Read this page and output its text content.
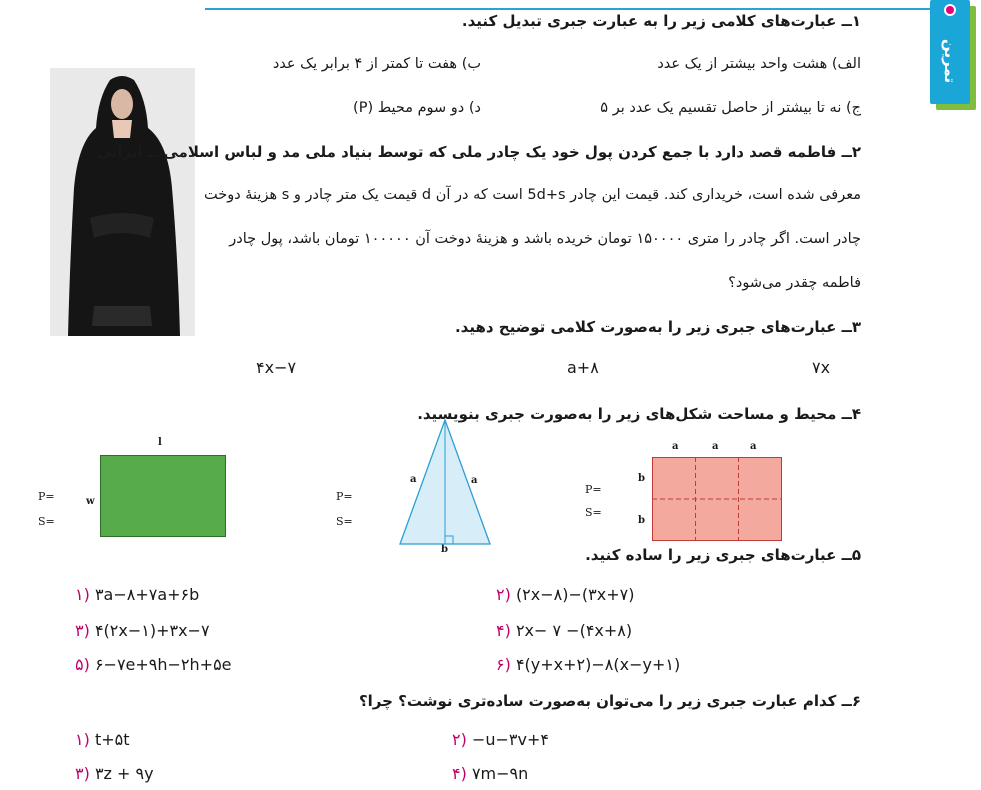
تمرین
۱ــ عبارت‌های کلامی زیر را به عبارت جبری تبدیل کنید.
الف) هشت واحد بیشتر از یک عدد
ب) هفت تا کمتر از ۴ برابر یک عدد
ج) نه تا بیشتر از حاصل تقسیم یک عدد بر ۵
د) دو سوم محیط (P)
۲ــ فاطمه قصد دارد با جمع کردن پول خود یک چادر ملی که توسط بنیاد ملی مد و لباس اسلامی ــ ایرانی
معرفی شده است، خریداری کند. قیمت این چادر 5d+s است که در آن d قیمت یک متر چادر و s هزینهٔ دوخت
چادر است. اگر چادر را متری ۱۵۰۰۰۰ تومان خریده باشد و هزینهٔ دوخت آن ۱۰۰۰۰۰ تومان باشد، پول چادر
فاطمه چقدر می‌شود؟
۳ــ عبارت‌های جبری زیر را به‌صورت کلامی توضیح دهید.
۷x
a+۸
۴x−۷
۴ــ محیط و مساحت شکل‌های زیر را به‌صورت جبری بنویسید.
P=
S=
l
w	P=
S=
a	a
b
P=
S=
a	a	a
b
b
۵ــ عبارت‌های جبری زیر را ساده کنید.
۱) ۳a−۸+۷a+۶b	۲) (۲x−۸)−(۳x+۷)
۳) ۴(۲x−۱)+۳x−۷	۴) ۲x− ۷ −(۴x+۸)
۵) ۶−۷e+۹h−۲h+۵e	۶) ۴(y+x+۲)−۸(x−y+۱)
۶ــ کدام عبارت جبری زیر را می‌توان به‌صورت ساده‌تری نوشت؟ چرا؟
۱) t+۵t	۲) −u−۳v+۴
۳) ۳z + ۹y	۴) ۷m−۹n
